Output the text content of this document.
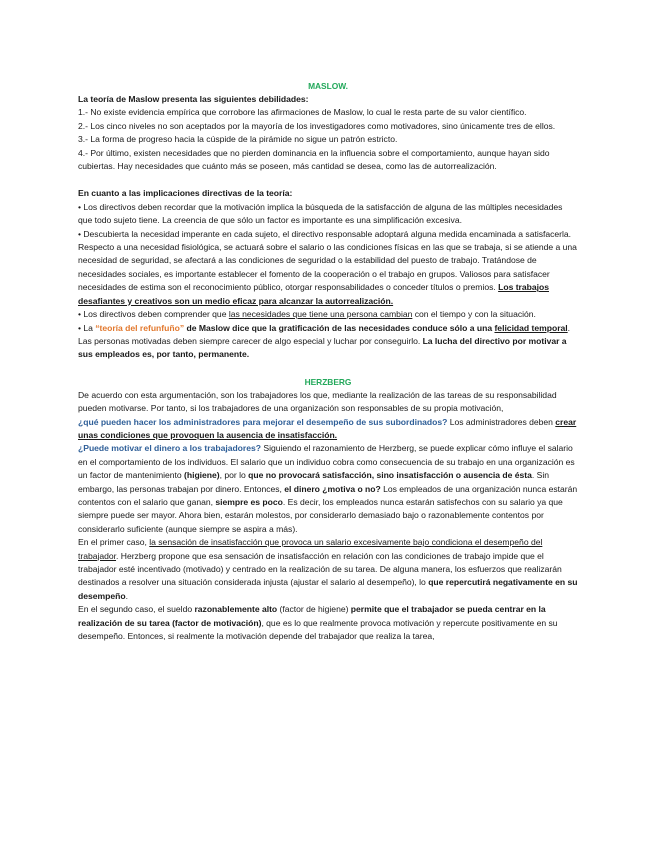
MASLOW.

La teoría de Maslow presenta las siguientes debilidades:

1.- No existe evidencia empírica que corrobore las afirmaciones de Maslow, lo cual le resta parte de su valor científico.

2.- Los cinco niveles no son aceptados por la mayoría de los investigadores como motivadores, sino únicamente tres de ellos.

3.- La forma de progreso hacia la cúspide de la pirámide no sigue un patrón estricto.

4.- Por último, existen necesidades que no pierden dominancia en la influencia sobre el comportamiento, aunque hayan sido cubiertas. Hay necesidades que cuánto más se poseen, más cantidad se desea, como las de autorrealización.

En cuanto a las implicaciones directivas de la teoría:

• Los directivos deben recordar que la motivación implica la búsqueda de la satisfacción de alguna de las múltiples necesidades que todo sujeto tiene. La creencia de que sólo un factor es importante es una simplificación excesiva.

• Descubierta la necesidad imperante en cada sujeto, el directivo responsable adoptará alguna medida encaminada a satisfacerla. Respecto a una necesidad fisiológica, se actuará sobre el salario o las condiciones físicas en las que se trabaja, si se atiende a una necesidad de seguridad, se afectará a las condiciones de seguridad o la estabilidad del puesto de trabajo. Tratándose de necesidades sociales, es importante establecer el fomento de la cooperación o el trabajo en grupos. Valiosos para satisfacer necesidades de estima son el reconocimiento público, otorgar responsabilidades o conceder títulos o premios. Los trabajos desafiantes y creativos son un medio eficaz para alcanzar la autorrealización.

• Los directivos deben comprender que las necesidades que tiene una persona cambian con el tiempo y con la situación.

• La “teoría del refunfuño” de Maslow dice que la gratificación de las necesidades conduce sólo a una felicidad temporal. Las personas motivadas deben siempre carecer de algo especial y luchar por conseguirlo. La lucha del directivo por motivar a sus empleados es, por tanto, permanente.

HERZBERG

De acuerdo con esta argumentación, son los trabajadores los que, mediante la realización de las tareas de su responsabilidad pueden motivarse. Por tanto, si los trabajadores de una organización son responsables de su propia motivación,

¿qué pueden hacer los administradores para mejorar el desempeño de sus subordinados? Los administradores deben crear unas condiciones que provoquen la ausencia de insatisfacción.

¿Puede motivar el dinero a los trabajadores? Siguiendo el razonamiento de Herzberg, se puede explicar cómo influye el salario en el comportamiento de los individuos. El salario que un individuo cobra como consecuencia de su trabajo en una organización es un factor de mantenimiento (higiene), por lo que no provocará satisfacción, sino insatisfacción o ausencia de ésta. Sin embargo, las personas trabajan por dinero. Entonces, el dinero ¿motiva o no? Los empleados de una organización nunca estarán contentos con el salario que ganan, siempre es poco. Es decir, los empleados nunca estarán satisfechos con su salario ya que siempre puede ser mayor. Ahora bien, estarán molestos, por considerarlo demasiado bajo o razonablemente contentos por considerarlo suficiente (aunque siempre se aspira a más).

En el primer caso, la sensación de insatisfacción que provoca un salario excesivamente bajo condiciona el desempeño del trabajador. Herzberg propone que esa sensación de insatisfacción en relación con las condiciones de trabajo impide que el trabajador esté incentivado (motivado) y centrado en la realización de su tarea. De alguna manera, los esfuerzos que realizarán destinados a resolver una situación considerada injusta (ajustar el salario al desempeño), lo que repercutirá negativamente en su desempeño.

En el segundo caso, el sueldo razonablemente alto (factor de higiene) permite que el trabajador se pueda centrar en la realización de su tarea (factor de motivación), que es lo que realmente provoca motivación y repercute positivamente en su desempeño. Entonces, si realmente la motivación depende del trabajador que realiza la tarea,
